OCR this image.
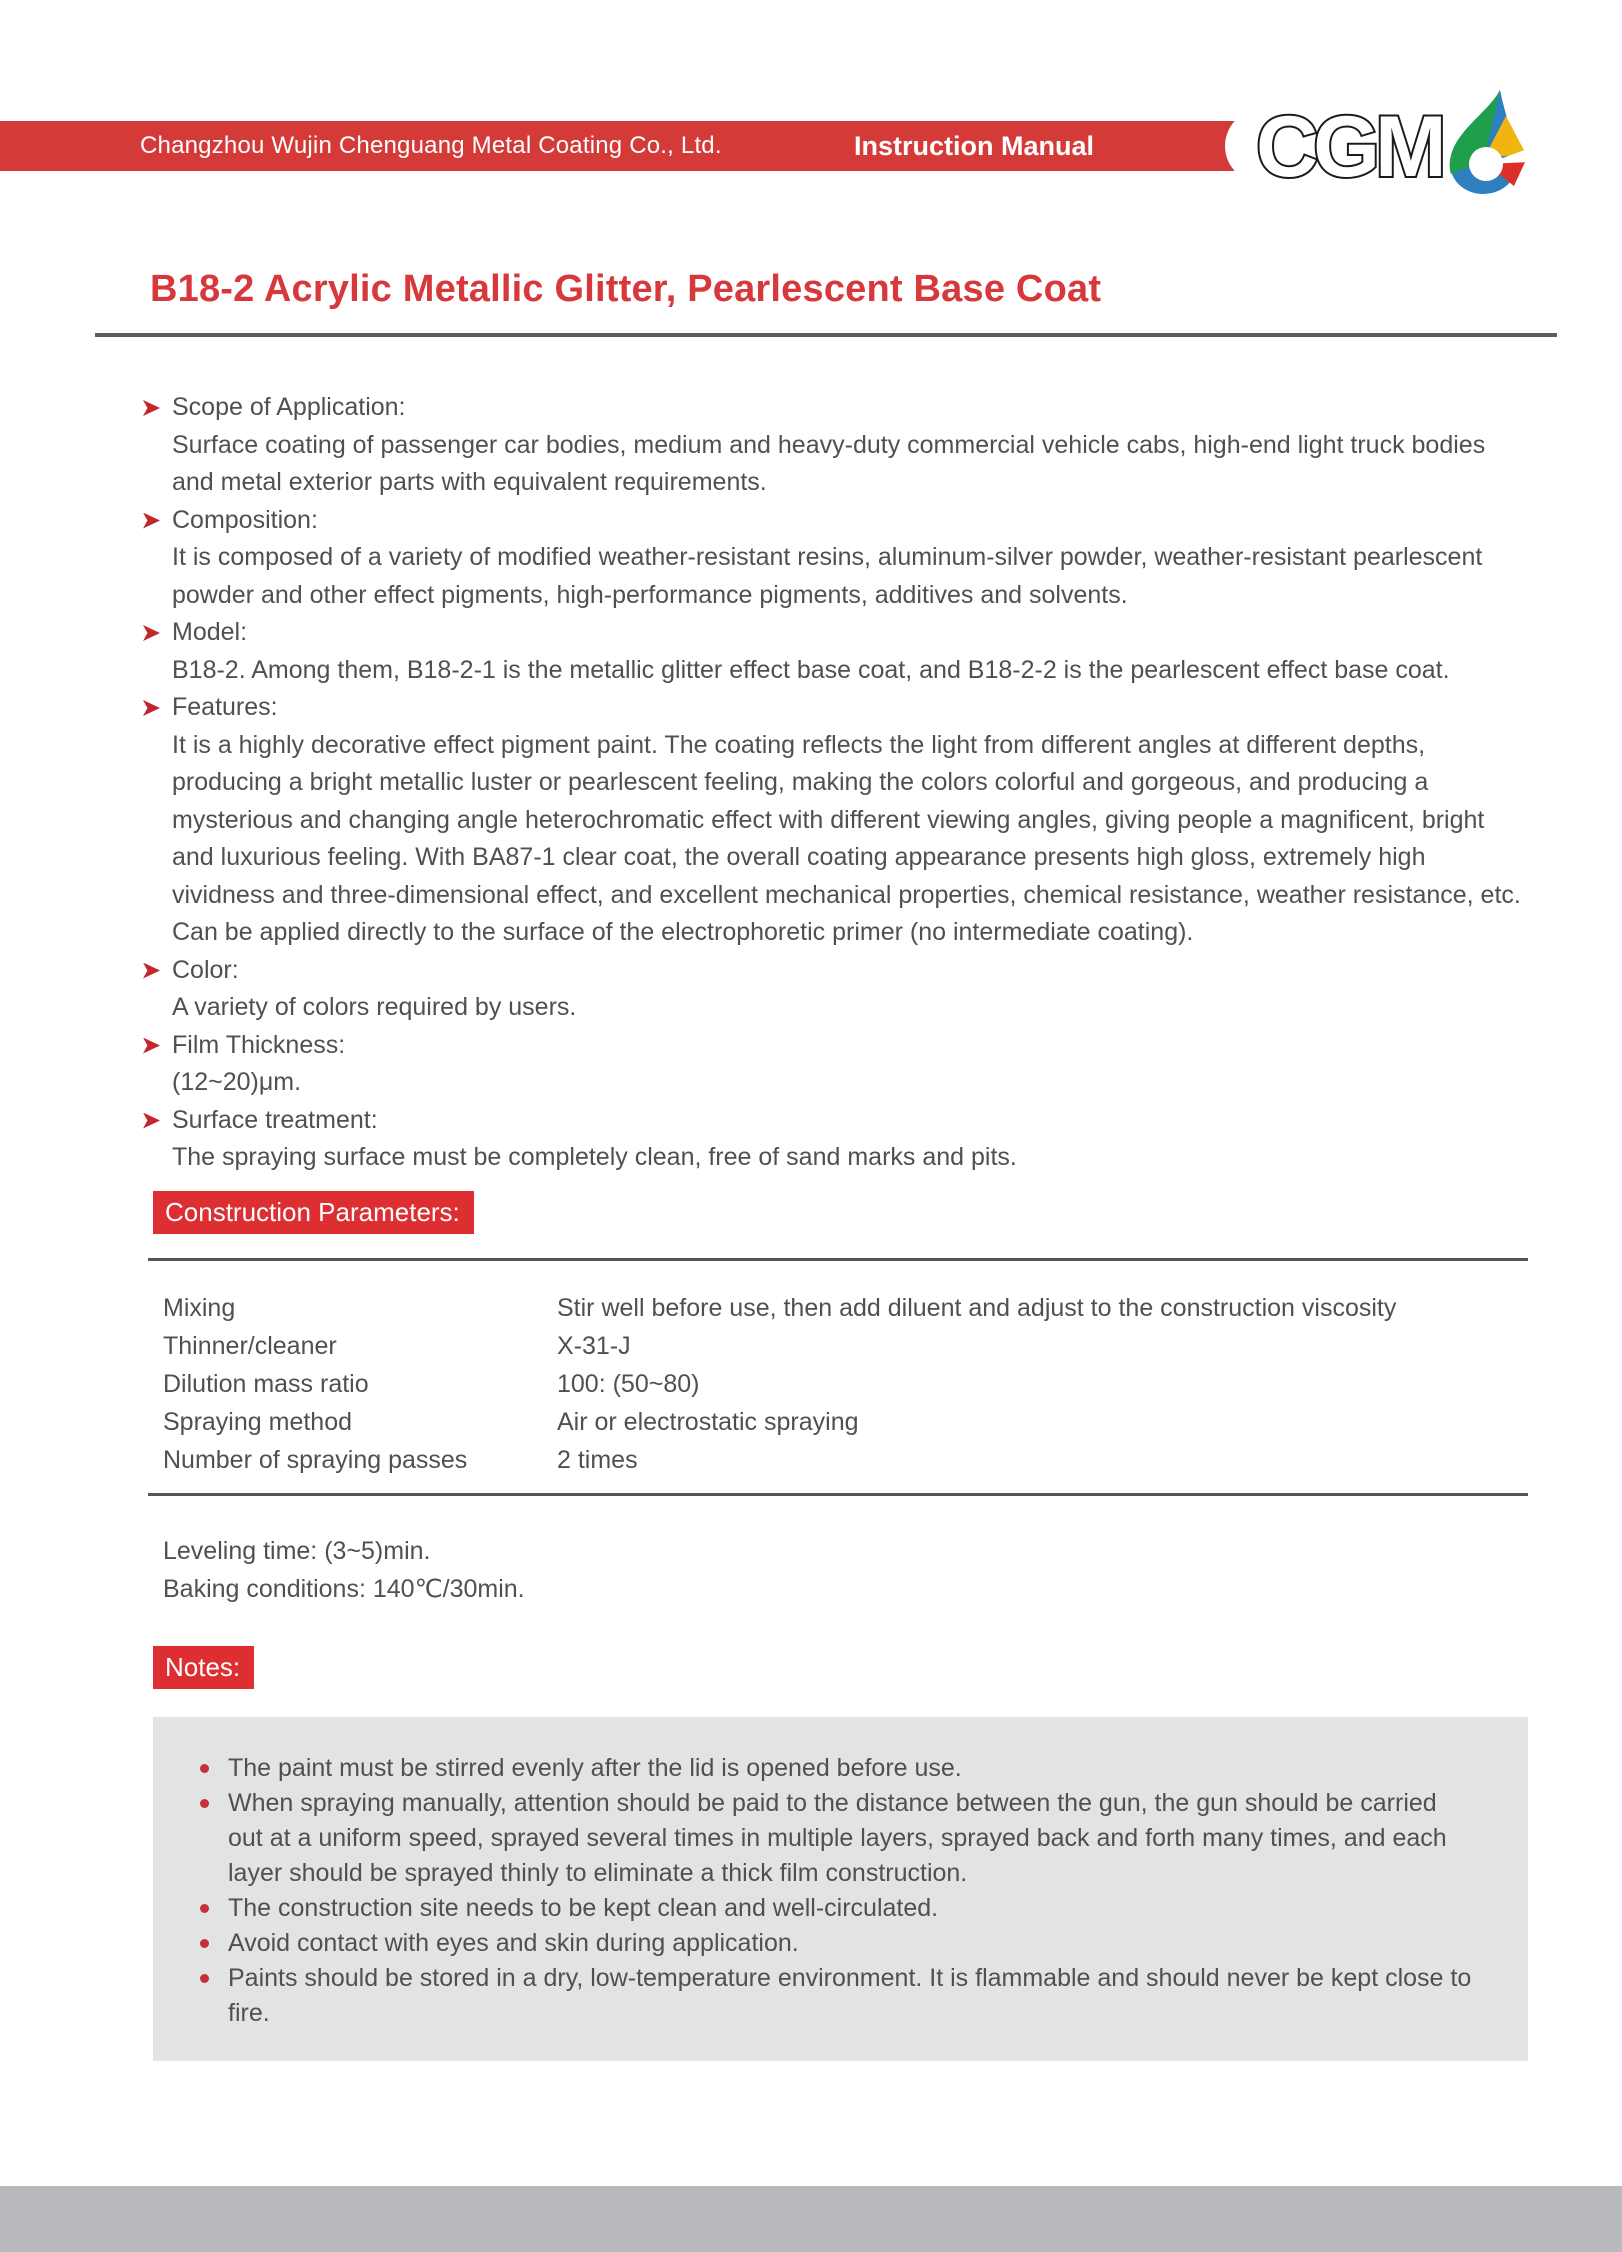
Changzhou Wujin Chenguang Metal Coating Co., Ltd.	Instruction Manual CGM
B18-2 Acrylic Metallic Glitter, Pearlescent Base Coat
Scope of Application:
Surface coating of passenger car bodies, medium and heavy-duty commercial vehicle cabs, high-end light truck bodies and metal exterior parts with equivalent requirements.
Composition:
It is composed of a variety of modified weather-resistant resins, aluminum-silver powder, weather-resistant pearlescent powder and other effect pigments, high-performance pigments, additives and solvents.
Model:
B18-2. Among them, B18-2-1 is the metallic glitter effect base coat, and B18-2-2 is the pearlescent effect base coat.
Features:
It is a highly decorative effect pigment paint. The coating reflects the light from different angles at different depths, producing a bright metallic luster or pearlescent feeling, making the colors colorful and gorgeous, and producing a mysterious and changing angle heterochromatic effect with different viewing angles, giving people a magnificent, bright and luxurious feeling. With BA87-1 clear coat, the overall coating appearance presents high gloss, extremely high vividness and three-dimensional effect, and excellent mechanical properties, chemical resistance, weather resistance, etc. Can be applied directly to the surface of the electrophoretic primer (no intermediate coating).
Color:
A variety of colors required by users.
Film Thickness:
(12~20)μm.
Surface treatment:
The spraying surface must be completely clean, free of sand marks and pits.
Construction Parameters:
Mixing	Stir well before use, then add diluent and adjust to the construction viscosity
Thinner/cleaner	X-31-J
Dilution mass ratio	100: (50~80)
Spraying method	Air or electrostatic spraying
Number of spraying passes	2 times
Leveling time: (3~5)min.
Baking conditions: 140℃/30min.
Notes:
The paint must be stirred evenly after the lid is opened before use.
When spraying manually, attention should be paid to the distance between the gun, the gun should be carried out at a uniform speed, sprayed several times in multiple layers, sprayed back and forth many times, and each layer should be sprayed thinly to eliminate a thick film construction.
The construction site needs to be kept clean and well-circulated.
Avoid contact with eyes and skin during application.
Paints should be stored in a dry, low-temperature environment. It is flammable and should never be kept close to fire.
